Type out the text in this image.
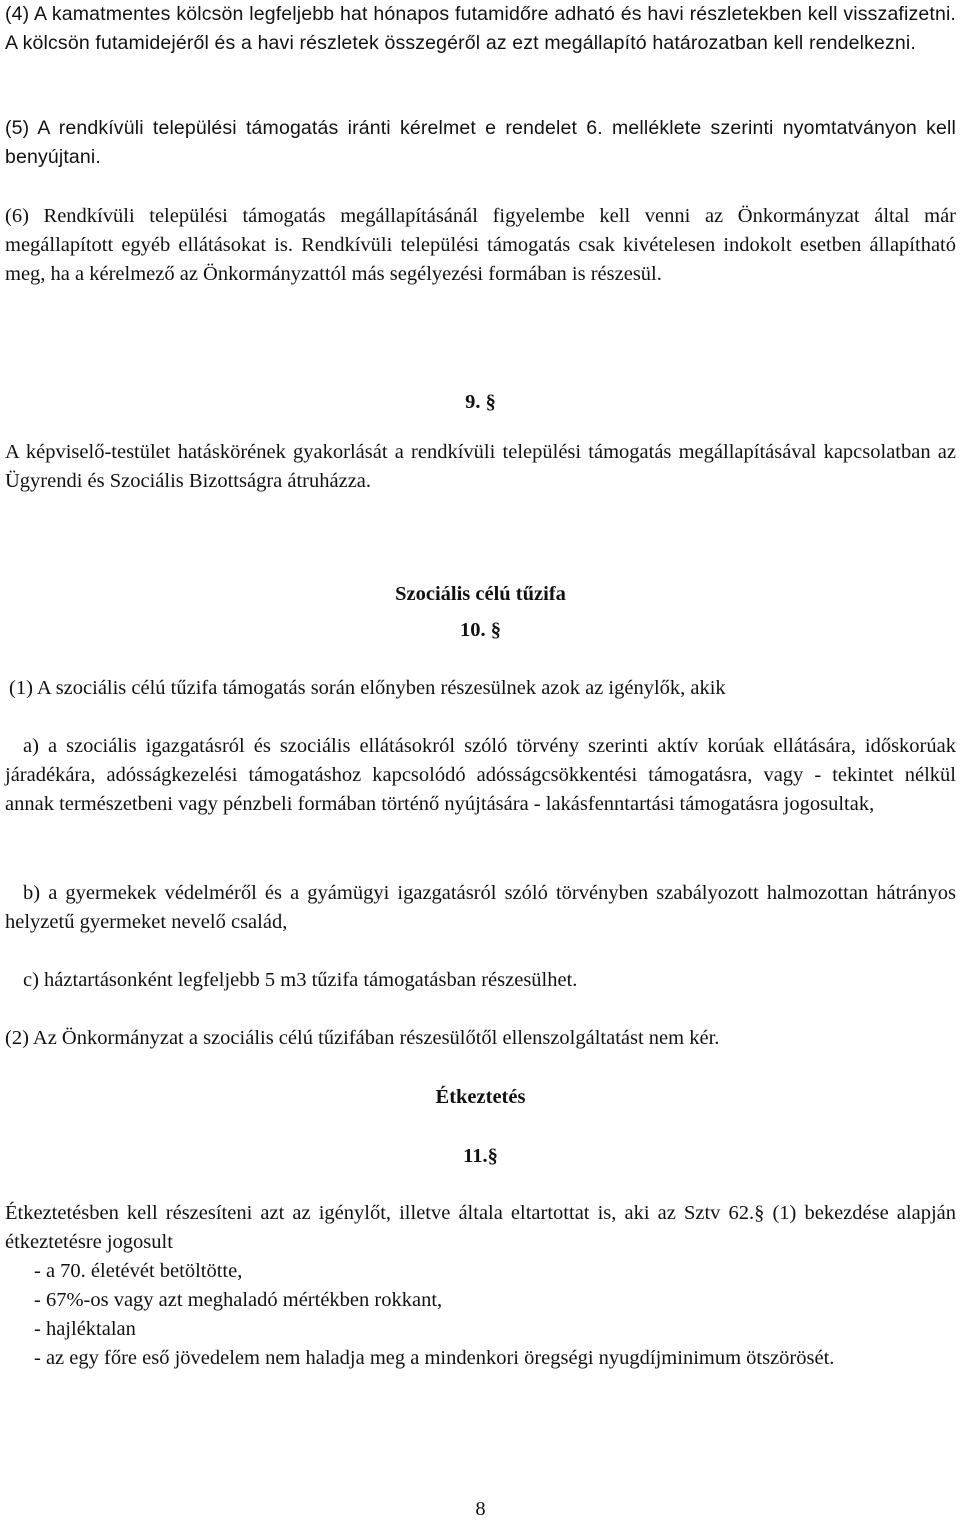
(4) A kamatmentes kölcsön legfeljebb hat hónapos futamidőre adható és havi részletekben kell visszafizetni. A kölcsön futamidejéről és a havi részletek összegéről az ezt megállapító határozatban kell rendelkezni.

(5) A rendkívüli települési támogatás iránti kérelmet e rendelet 6. melléklete szerinti nyomtatványon kell benyújtani.

(6) Rendkívüli települési támogatás megállapításánál figyelembe kell venni az Önkormányzat által már megállapított egyéb ellátásokat is. Rendkívüli települési támogatás csak kivételesen indokolt esetben állapítható meg, ha a kérelmező az Önkormányzattól más segélyezési formában is részesül.

9. §

A képviselő-testület hatáskörének gyakorlását a rendkívüli települési támogatás megállapításával kapcsolatban az Ügyrendi és Szociális Bizottságra átruházza.

Szociális célú tűzifa
10. §

(1) A szociális célú tűzifa támogatás során előnyben részesülnek azok az igénylők, akik

a) a szociális igazgatásról és szociális ellátásokról szóló törvény szerinti aktív korúak ellátására, időskorúak járadékára, adósságkezelési támogatáshoz kapcsolódó adósságcsökkentési támogatásra, vagy - tekintet nélkül annak természetbeni vagy pénzbeli formában történő nyújtására - lakásfenntartási támogatásra jogosultak,

b) a gyermekek védelméről és a gyámügyi igazgatásról szóló törvényben szabályozott halmozottan hátrányos helyzetű gyermeket nevelő család,

c) háztartásonként legfeljebb 5 m3 tűzifa támogatásban részesülhet.

(2) Az Önkormányzat a szociális célú tűzifában részesülőtől ellenszolgáltatást nem kér.

Étkeztetés
11.§

Étkeztetésben kell részesíteni azt az igénylőt, illetve általa eltartottat is, aki az Sztv 62.§ (1) bekezdése alapján étkeztetésre jogosult

- a 70. életévét betöltötte,

- 67%-os vagy azt meghaladó mértékben rokkant,

- hajléktalan

- az egy főre eső jövedelem nem haladja meg a mindenkori öregségi nyugdíjminimum ötszörösét.

8
